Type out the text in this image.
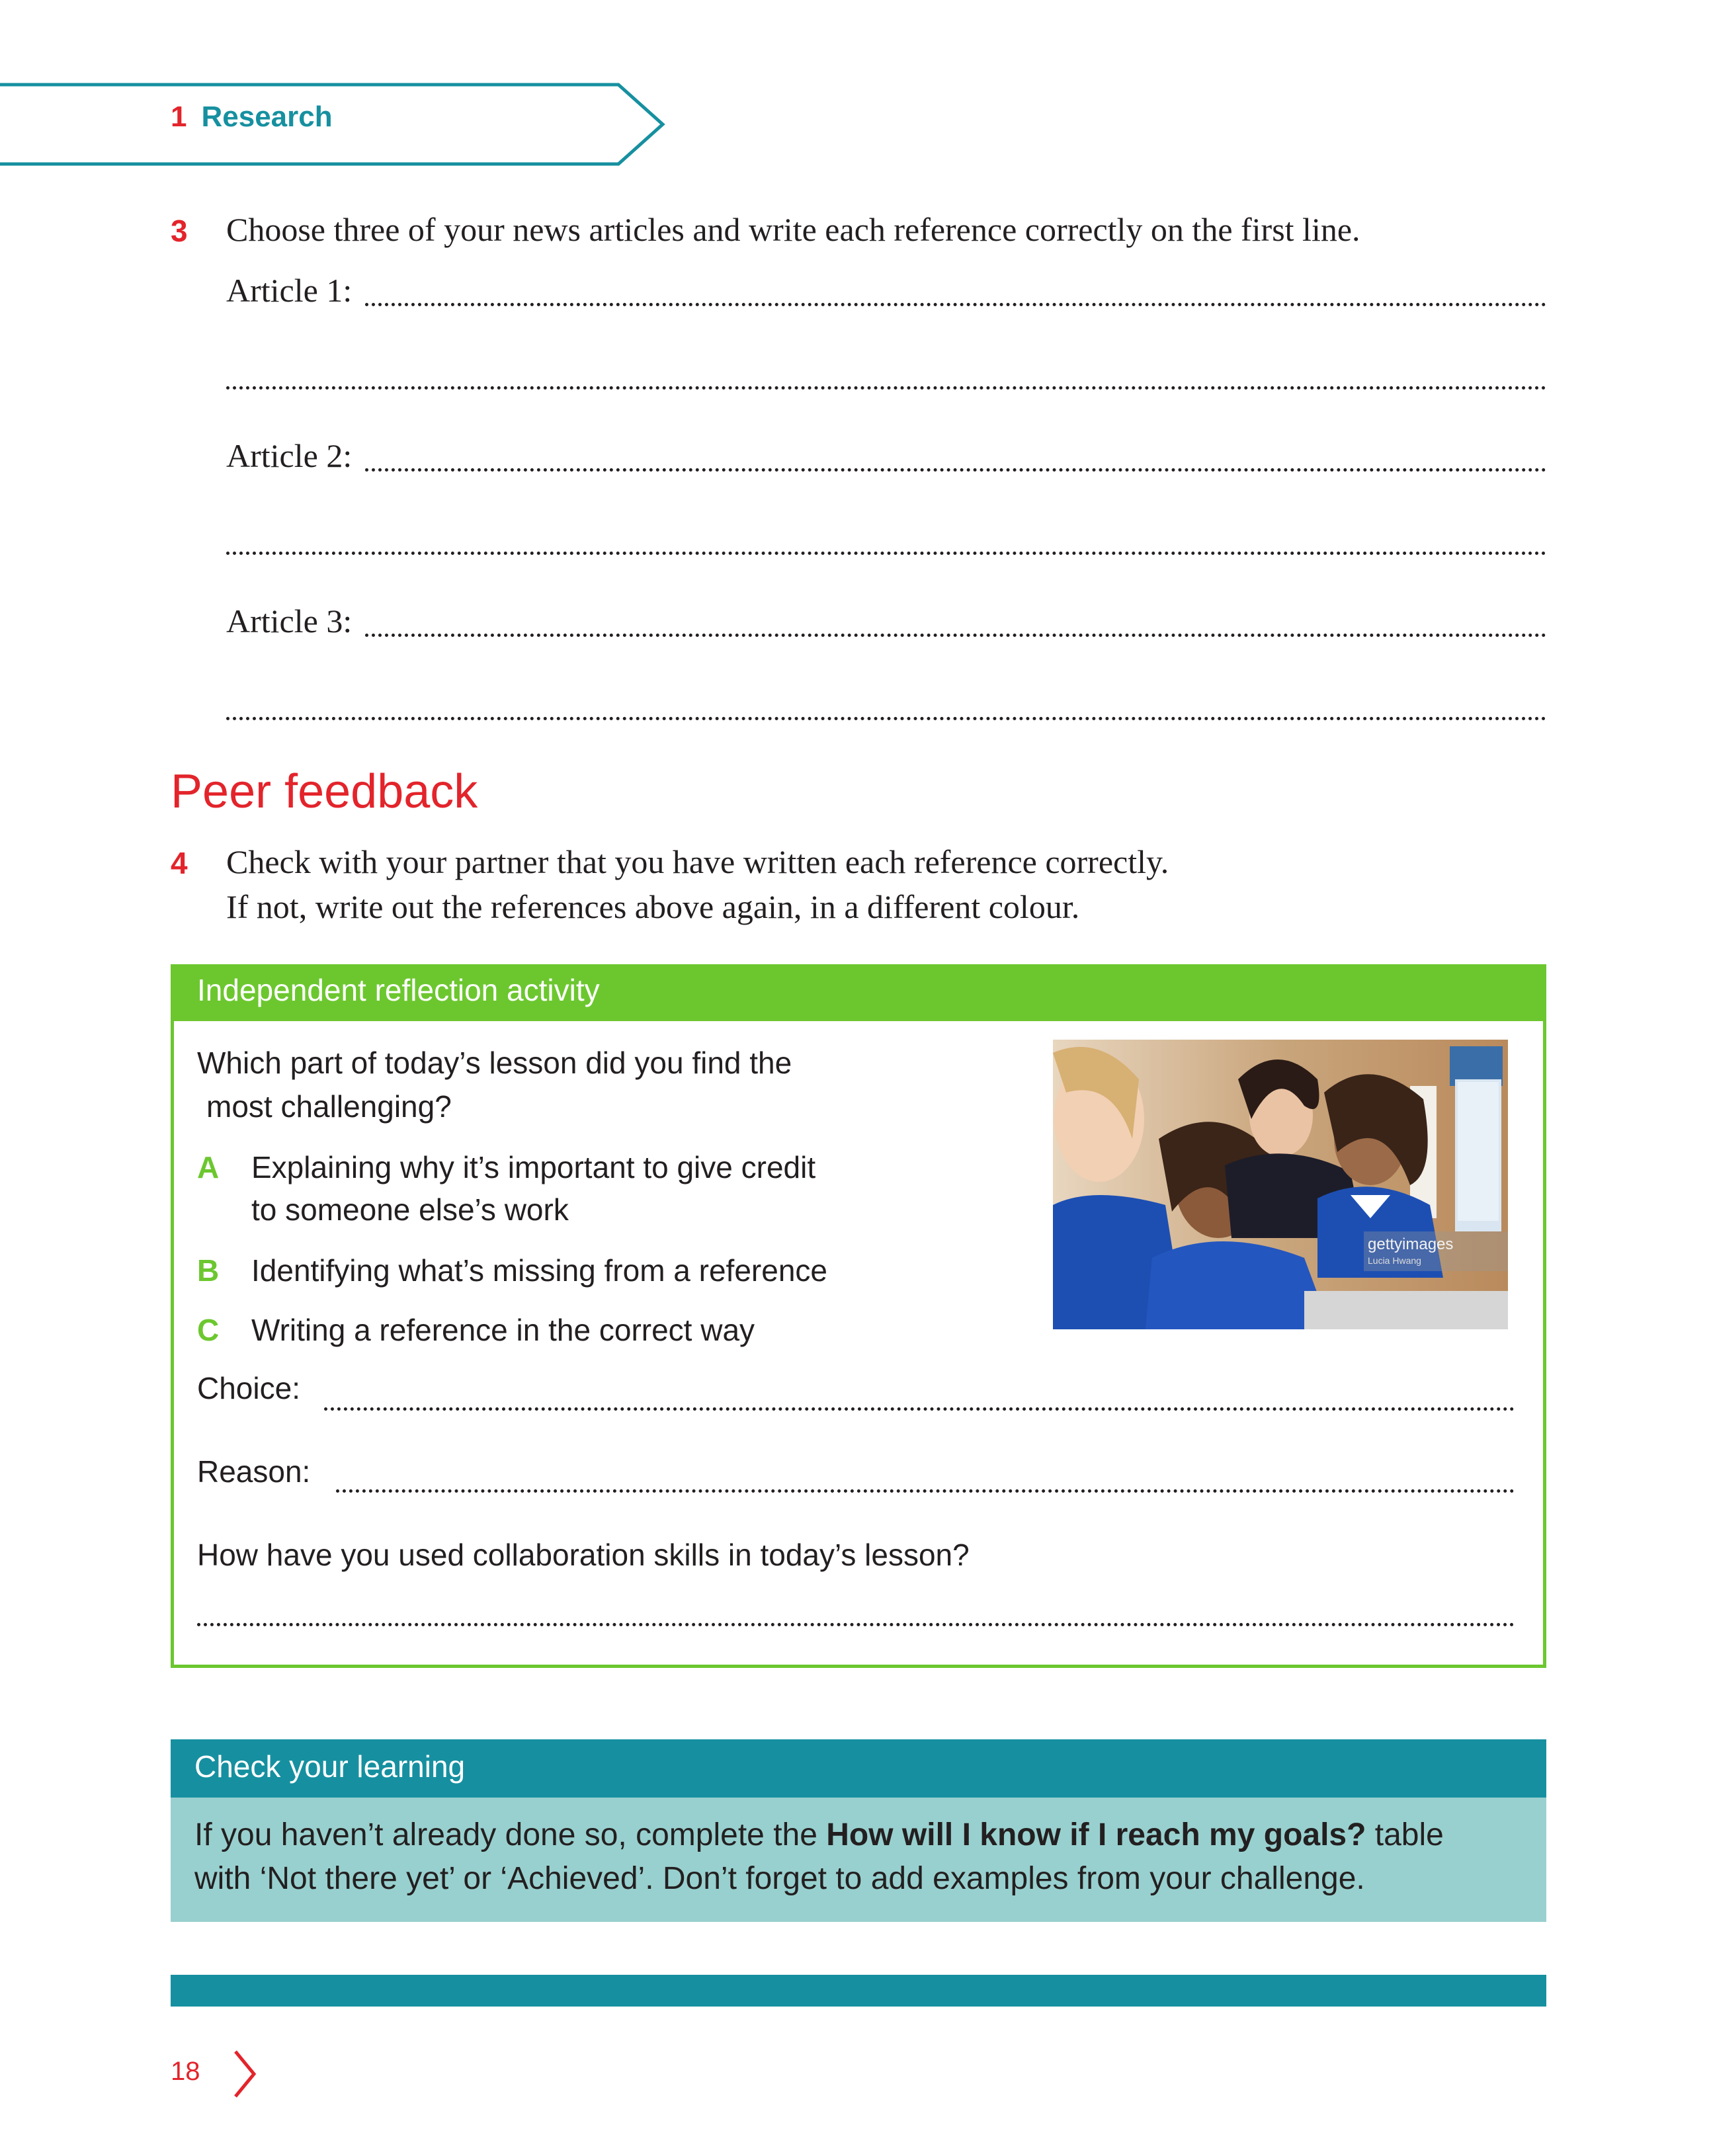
1 Research
3 Choose three of your news articles and write each reference correctly on the first line.
Article 1:
Article 2:
Article 3:
Peer feedback
4 Check with your partner that you have written each reference correctly.
If not, write out the references above again, in a different colour.
Independent reflection activity
Which part of today’s lesson did you find the
most challenging?
A Explaining why it’s important to give credit
to someone else’s work
B Identifying what’s missing from a reference
C Writing a reference in the correct way
gettyimages
Lucia Hwang
Choice:
Reason:
How have you used collaboration skills in today’s lesson?
Check your learning
If you haven’t already done so, complete the How will I know if I reach my goals? table
with ‘Not there yet’ or ‘Achieved’. Don’t forget to add examples from your challenge.
18
